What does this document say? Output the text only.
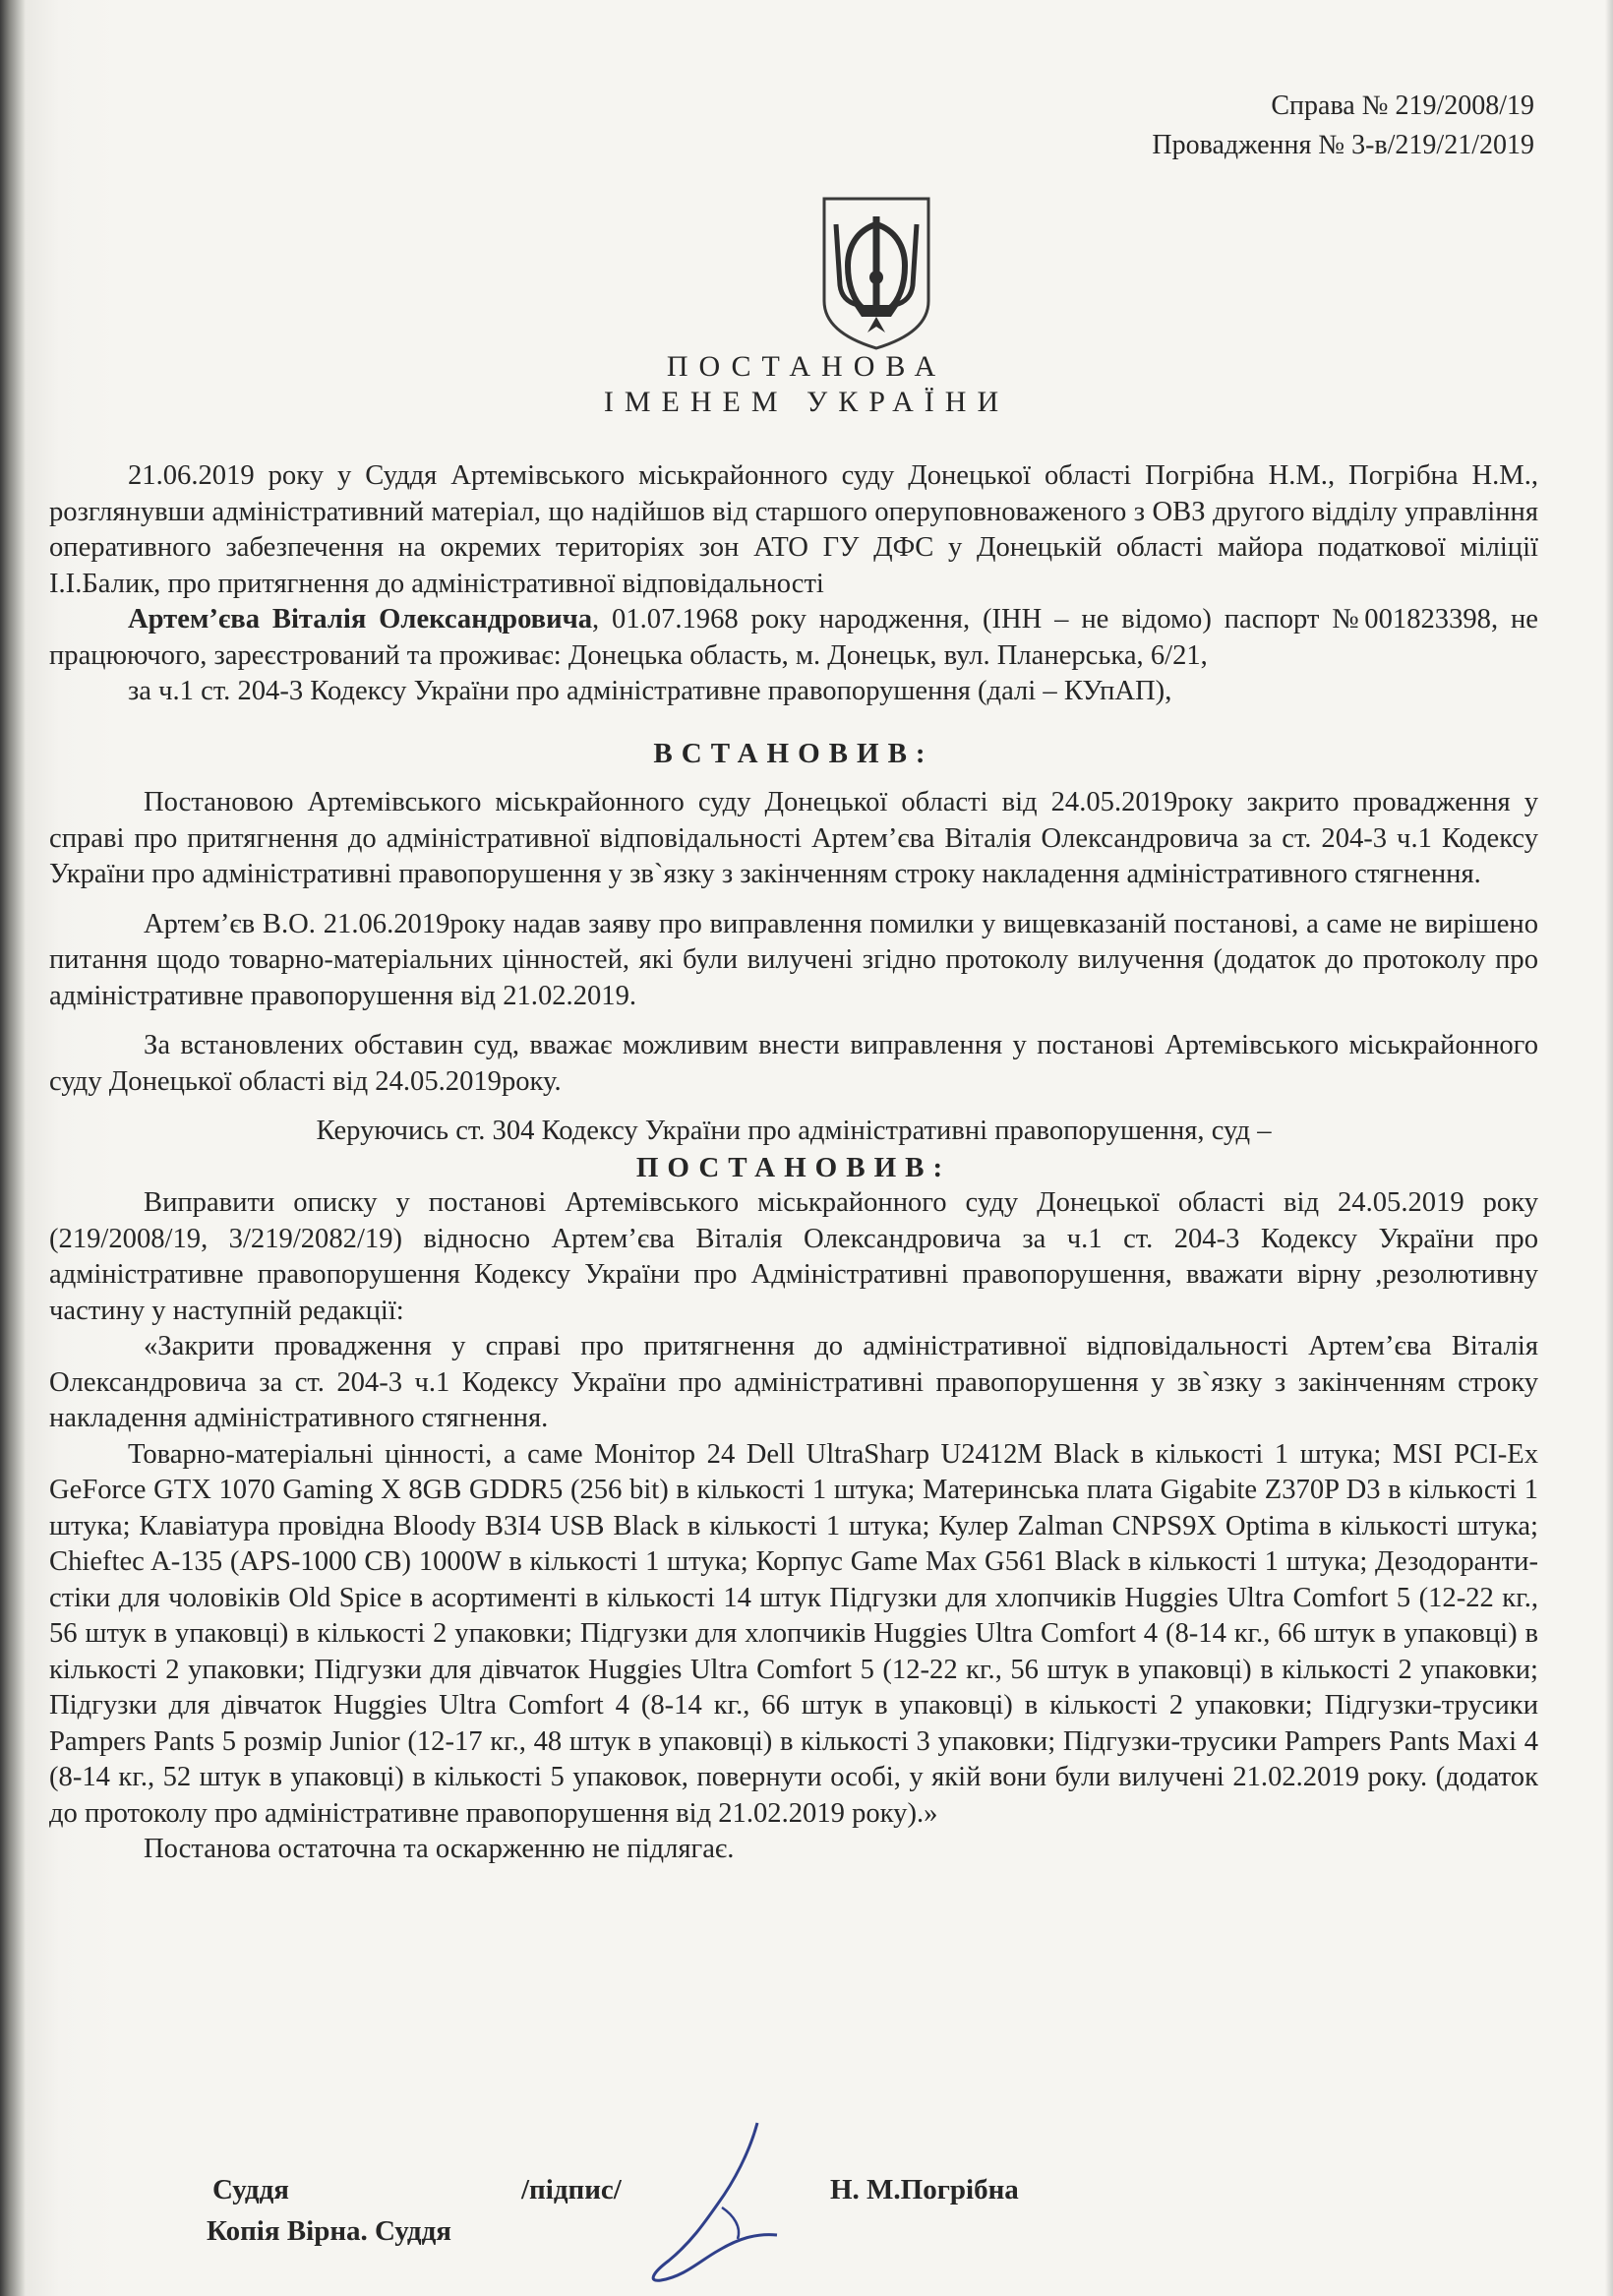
Справа № 219/2008/19
Провадження № 3-в/219/21/2019
ПОСТАНОВА
ІМЕНЕМ УКРАЇНИ

21.06.2019 року у Суддя Артемівського міськрайонного суду Донецької області Погрібна Н.М., Погрібна Н.М., розглянувши адміністративний матеріал, що надійшов від старшого оперуповноваженого з ОВЗ другого відділу управління оперативного забезпечення на окремих територіях зон АТО ГУ ДФС у Донецькій області майора податкової міліції І.І.Балик, про притягнення до адміністративної відповідальності

Артем’єва Віталія Олександровича, 01.07.1968 року народження, (ІНН – не відомо) паспорт №001823398, не працюючого, зареєстрований та проживає: Донецька область, м. Донецьк, вул. Планерська, 6/21,

за ч.1 ст. 204-3 Кодексу України про адміністративне правопорушення (далі – КУпАП),

ВСТАНОВИВ:

Постановою Артемівського міськрайонного суду Донецької області від 24.05.2019року закрито провадження у справі про притягнення до адміністративної відповідальності Артем’єва Віталія Олександровича за ст. 204-3 ч.1 Кодексу України про адміністративні правопорушення у зв`язку з закінченням строку накладення адміністративного стягнення.

Артем’єв В.О. 21.06.2019року надав заяву про виправлення помилки у вищевказаній постанові, а саме не вирішено питання щодо товарно-матеріальних цінностей, які були вилучені згідно протоколу вилучення (додаток до протоколу про адміністративне правопорушення від 21.02.2019.

За встановлених обставин суд, вважає можливим внести виправлення у постанові Артемівського міськрайонного суду Донецької області від 24.05.2019року.

Керуючись ст. 304 Кодексу України про адміністративні правопорушення, суд –

ПОСТАНОВИВ:

Виправити описку у постанові Артемівського міськрайонного суду Донецької області від 24.05.2019 року (219/2008/19, 3/219/2082/19) відносно Артем’єва Віталія Олександровича за ч.1 ст. 204-3 Кодексу України про адміністративне правопорушення Кодексу України про Адміністративні правопорушення, вважати вірну ,резолютивну частину у наступній редакції:

«Закрити провадження у справі про притягнення до адміністративної відповідальності Артем’єва Віталія Олександровича за ст. 204-3 ч.1 Кодексу України про адміністративні правопорушення у зв`язку з закінченням строку накладення адміністративного стягнення.

Товарно-матеріальні цінності, а саме Монітор 24 Dell UltraSharp U2412M Black в кількості 1 штука; MSI PCI-Ex GeForce GTX 1070 Gaming X 8GB GDDR5 (256 bit) в кількості 1 штука; Материнська плата Gigabite Z370P D3 в кількості 1 штука; Клавіатура провідна Bloody B3I4 USB Black в кількості 1 штука; Кулер Zalman CNPS9X Optima в кількості штука; Chieftec A-135 (APS-1000 CB) 1000W в кількості 1 штука; Корпус Game Max G561 Black в кількості 1 штука; Дезодоранти-стіки для чоловіків Old Spice в асортименті в кількості 14 штук Підгузки для хлопчиків Huggies Ultra Comfort 5 (12-22 кг., 56 штук в упаковці) в кількості 2 упаковки; Підгузки для хлопчиків Huggies Ultra Comfort 4 (8-14 кг., 66 штук в упаковці) в кількості 2 упаковки; Підгузки для дівчаток Huggies Ultra Comfort 5 (12-22 кг., 56 штук в упаковці) в кількості 2 упаковки; Підгузки для дівчаток Huggies Ultra Comfort 4 (8-14 кг., 66 штук в упаковці) в кількості 2 упаковки; Підгузки-трусики Pampers Pants 5 розмір Junior (12-17 кг., 48 штук в упаковці) в кількості 3 упаковки; Підгузки-трусики Pampers Pants Maxi 4 (8-14 кг., 52 штук в упаковці) в кількості 5 упаковок, повернути особі, у якій вони були вилучені 21.02.2019 року. (додаток до протоколу про адміністративне правопорушення від 21.02.2019 року).»

Постанова остаточна та оскарженню не підлягає.

Суддя	/підпис/	Н. М.Погрібна
Копія Вірна. Суддя
